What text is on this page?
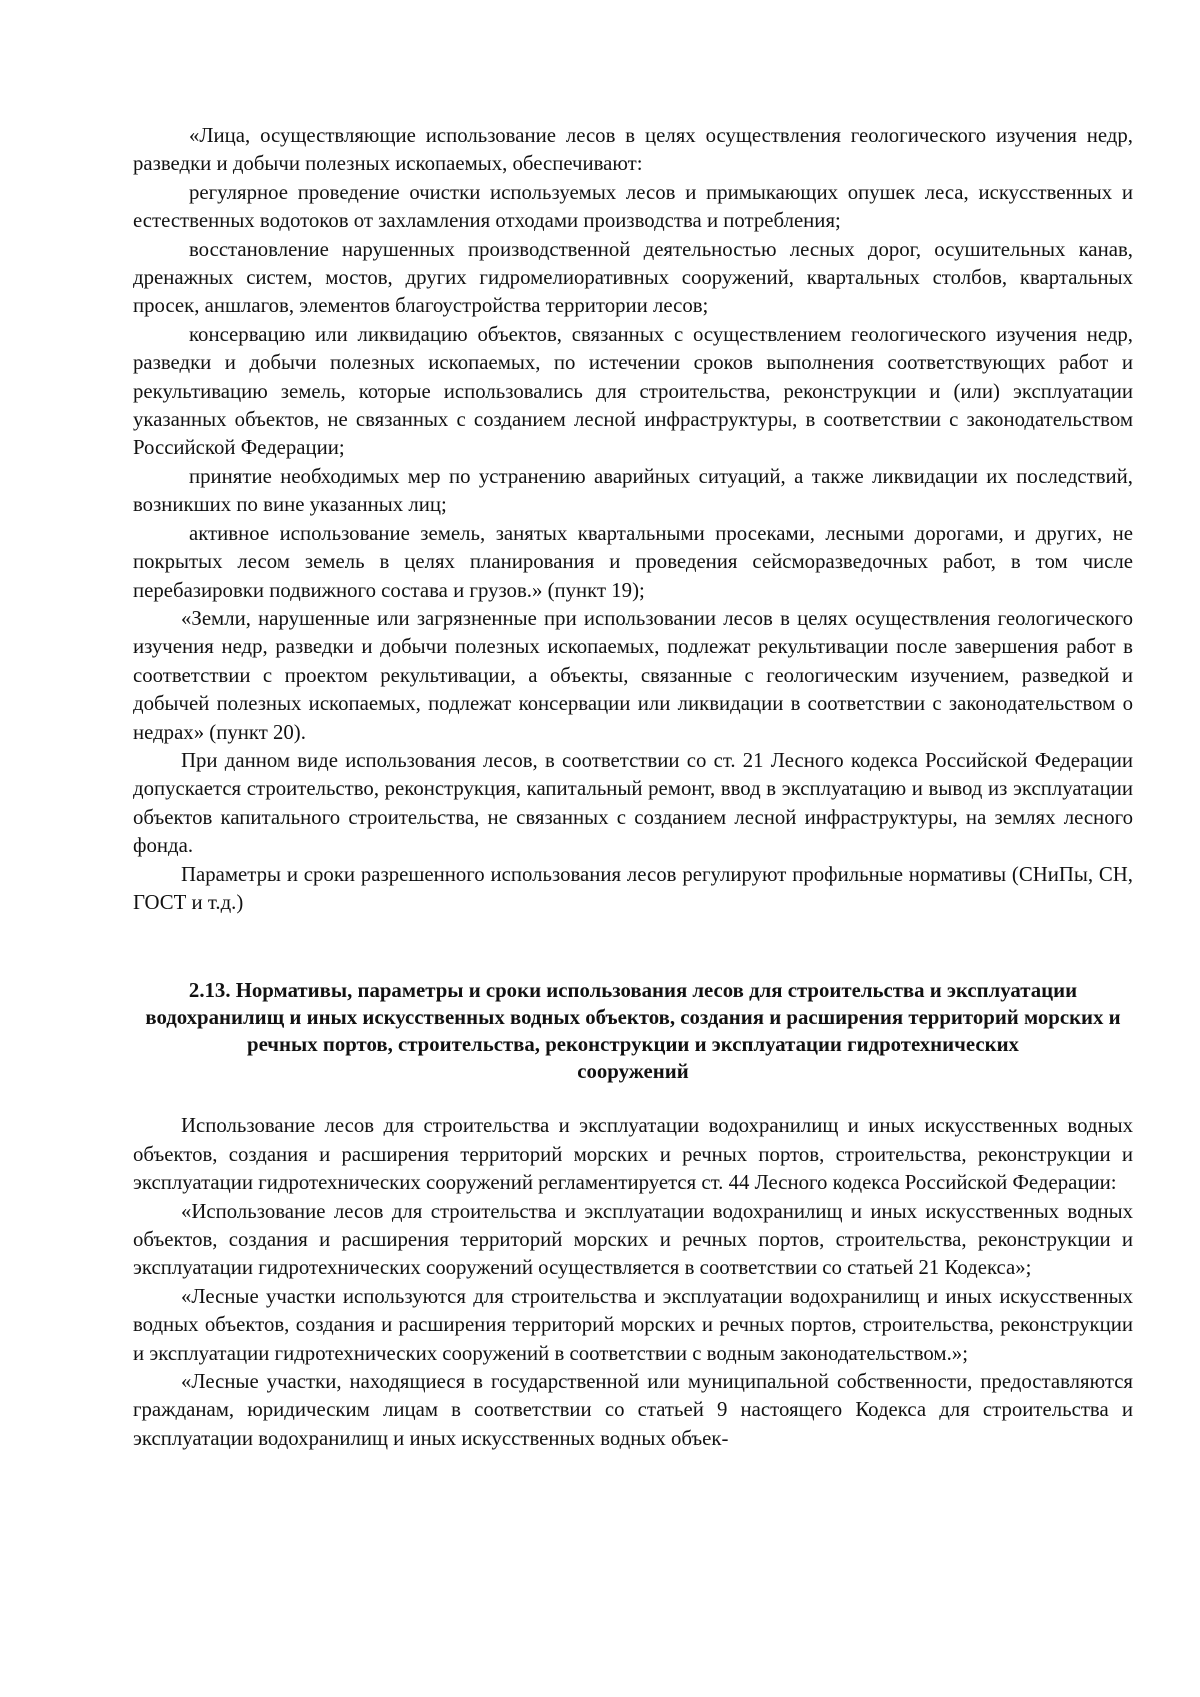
«Лица, осуществляющие использование лесов в целях осуществления геологического изучения недр, разведки и добычи полезных ископаемых, обеспечивают:

регулярное проведение очистки используемых лесов и примыкающих опушек леса, искусственных и естественных водотоков от захламления отходами производства и потребления;

восстановление нарушенных производственной деятельностью лесных дорог, осушительных канав, дренажных систем, мостов, других гидромелиоративных сооружений, квартальных столбов, квартальных просек, аншлагов, элементов благоустройства территории лесов;

консервацию или ликвидацию объектов, связанных с осуществлением геологического изучения недр, разведки и добычи полезных ископаемых, по истечении сроков выполнения соответствующих работ и рекультивацию земель, которые использовались для строительства, реконструкции и (или) эксплуатации указанных объектов, не связанных с созданием лесной инфраструктуры, в соответствии с законодательством Российской Федерации;

принятие необходимых мер по устранению аварийных ситуаций, а также ликвидации их последствий, возникших по вине указанных лиц;

активное использование земель, занятых квартальными просеками, лесными дорогами, и других, не покрытых лесом земель в целях планирования и проведения сейсморазведочных работ, в том числе перебазировки подвижного состава и грузов.» (пункт 19);

«Земли, нарушенные или загрязненные при использовании лесов в целях осуществления геологического изучения недр, разведки и добычи полезных ископаемых, подлежат рекультивации после завершения работ в соответствии с проектом рекультивации, а объекты, связанные с геологическим изучением, разведкой и добычей полезных ископаемых, подлежат консервации или ликвидации в соответствии с законодательством о недрах» (пункт 20).

При данном виде использования лесов, в соответствии со ст. 21 Лесного кодекса Российской Федерации допускается строительство, реконструкция, капитальный ремонт, ввод в эксплуатацию и вывод из эксплуатации объектов капитального строительства, не связанных с созданием лесной инфраструктуры, на землях лесного фонда.

Параметры и сроки разрешенного использования лесов регулируют профильные нормативы (СНиПы, СН, ГОСТ и т.д.)

2.13. Нормативы, параметры и сроки использования лесов для строительства и эксплуатации водохранилищ и иных искусственных водных объектов, создания и расширения территорий морских и речных портов, строительства, реконструкции и эксплуатации гидротехнических
сооружений

Использование лесов для строительства и эксплуатации водохранилищ и иных искусственных водных объектов, создания и расширения территорий морских и речных портов, строительства, реконструкции и эксплуатации гидротехнических сооружений регламентируется ст. 44 Лесного кодекса Российской Федерации:

«Использование лесов для строительства и эксплуатации водохранилищ и иных искусственных водных объектов, создания и расширения территорий морских и речных портов, строительства, реконструкции и эксплуатации гидротехнических сооружений осуществляется в соответствии со статьей 21 Кодекса»;

«Лесные участки используются для строительства и эксплуатации водохранилищ и иных искусственных водных объектов, создания и расширения территорий морских и речных портов, строительства, реконструкции и эксплуатации гидротехнических сооружений в соответствии с водным законодательством.»;

«Лесные участки, находящиеся в государственной или муниципальной собственности, предоставляются гражданам, юридическим лицам в соответствии со статьей 9 настоящего Кодекса для строительства и эксплуатации водохранилищ и иных искусственных водных объек-
